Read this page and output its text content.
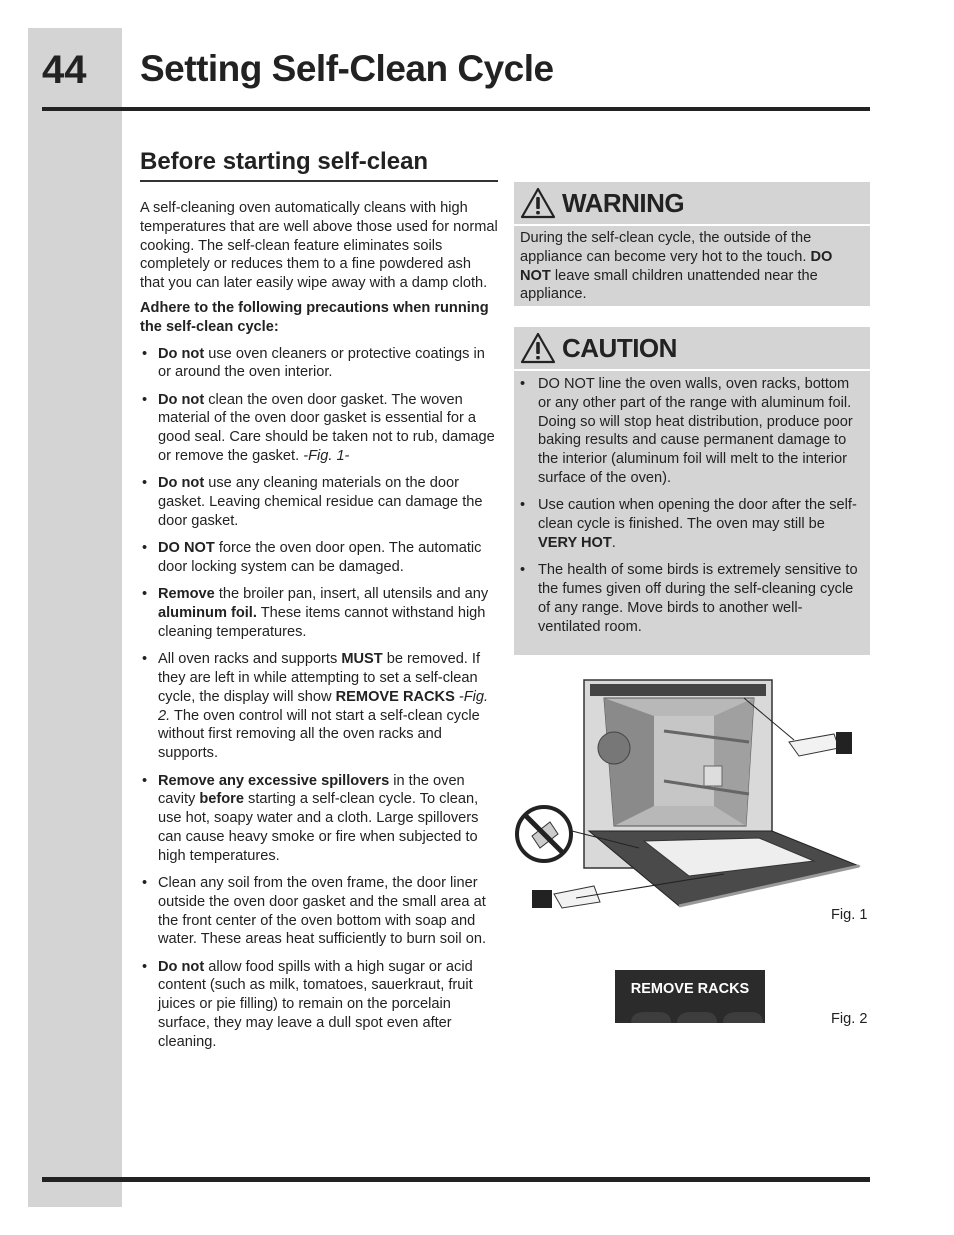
44 Setting Self-Clean Cycle
Before starting self-clean

A self-cleaning oven automatically cleans with high temperatures that are well above those used for normal cooking. The self-clean feature eliminates soils completely or reduces them to a fine powdered ash that you can later easily wipe away with a damp cloth.

Adhere to the following precautions when running the self-clean cycle:

• Do not use oven cleaners or protective coatings in or around the oven interior.
• Do not clean the oven door gasket. The woven material of the oven door gasket is essential for a good seal. Care should be taken not to rub, damage or remove the gasket. -Fig. 1-
• Do not use any cleaning materials on the door gasket. Leaving chemical residue can damage the door gasket.
• DO NOT force the oven door open. The automatic door locking system can be damaged.
• Remove the broiler pan, insert, all utensils and any aluminum foil. These items cannot withstand high cleaning temperatures.
• All oven racks and supports MUST be removed. If they are left in while attempting to set a self-clean cycle, the display will show REMOVE RACKS -Fig. 2. The oven control will not start a self-clean cycle without first removing all the oven racks and supports.
• Remove any excessive spillovers in the oven cavity before starting a self-clean cycle. To clean, use hot, soapy water and a cloth. Large spillovers can cause heavy smoke or fire when subjected to high temperatures.
• Clean any soil from the oven frame, the door liner outside the oven door gasket and the small area at the front center of the oven bottom with soap and water. These areas heat sufficiently to burn soil on.
• Do not allow food spills with a high sugar or acid content (such as milk, tomatoes, sauerkraut, fruit juices or pie filling) to remain on the porcelain surface, they may leave a dull spot even after cleaning.
WARNING
During the self-clean cycle, the outside of the appliance can become very hot to the touch. DO NOT leave small children unattended near the appliance.
CAUTION
• DO NOT line the oven walls, oven racks, bottom or any other part of the range with aluminum foil. Doing so will stop heat distribution, produce poor baking results and cause permanent damage to the interior (aluminum foil will melt to the interior surface of the oven).
• Use caution when opening the door after the self-clean cycle is finished. The oven may still be VERY HOT.
• The health of some birds is extremely sensitive to the fumes given off during the self-cleaning cycle of any range. Move birds to another well-ventilated room.
Fig. 1
REMOVE RACKS
Fig. 2
